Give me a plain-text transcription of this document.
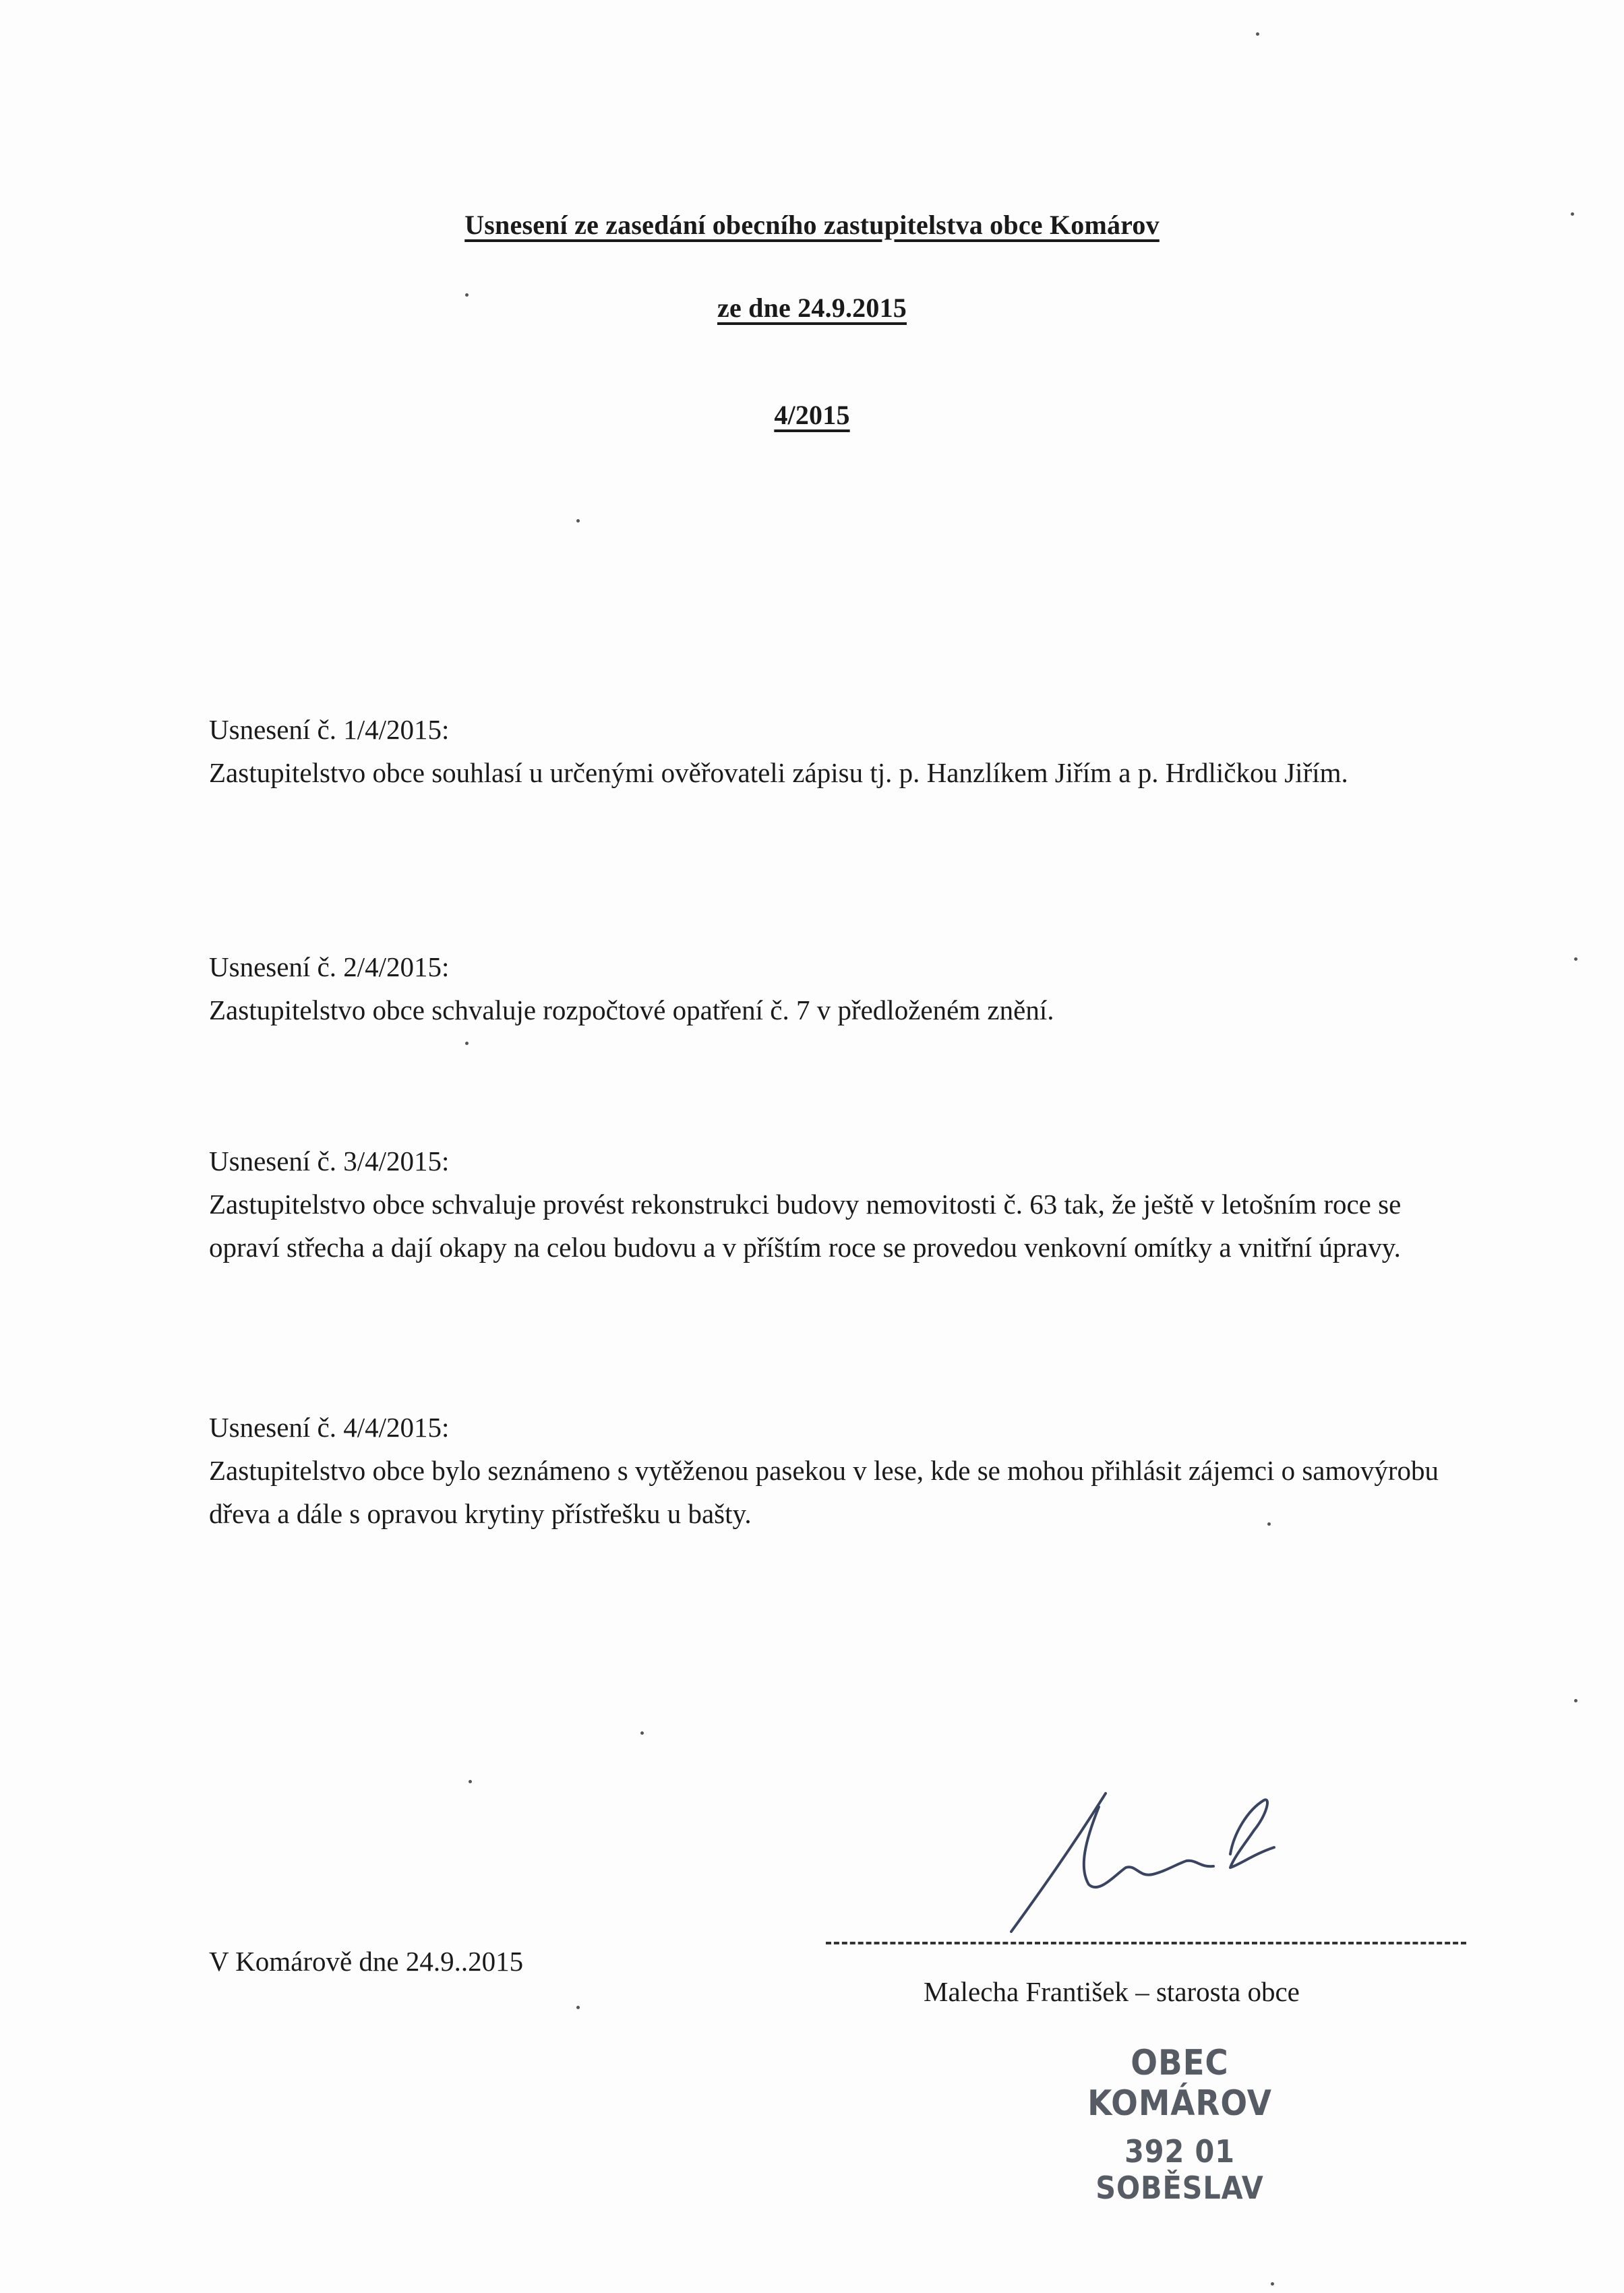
Usnesení ze zasedání obecního zastupitelstva obce Komárov
ze dne 24.9.2015
4/2015
Usnesení č. 1/4/2015:
Zastupitelstvo obce souhlasí u určenými ověřovateli zápisu tj. p. Hanzlíkem Jiřím a p. Hrdličkou Jiřím.
Usnesení č. 2/4/2015:
Zastupitelstvo obce schvaluje rozpočtové opatření č. 7 v předloženém znění.
Usnesení č. 3/4/2015:
Zastupitelstvo obce schvaluje provést rekonstrukci budovy nemovitosti č. 63 tak, že ještě v letošním roce se opraví střecha a dají okapy na celou budovu a v příštím roce se provedou venkovní omítky a vnitřní úpravy.
Usnesení č. 4/4/2015:
Zastupitelstvo obce bylo seznámeno s vytěženou pasekou v lese, kde se mohou přihlásit zájemci o samovýrobu dřeva a dále s opravou krytiny přístřešku u bašty.
V Komárově dne 24.9..2015
Malecha František – starosta obce
OBEC KOMÁROV
392 01 SOBĚSLAV
